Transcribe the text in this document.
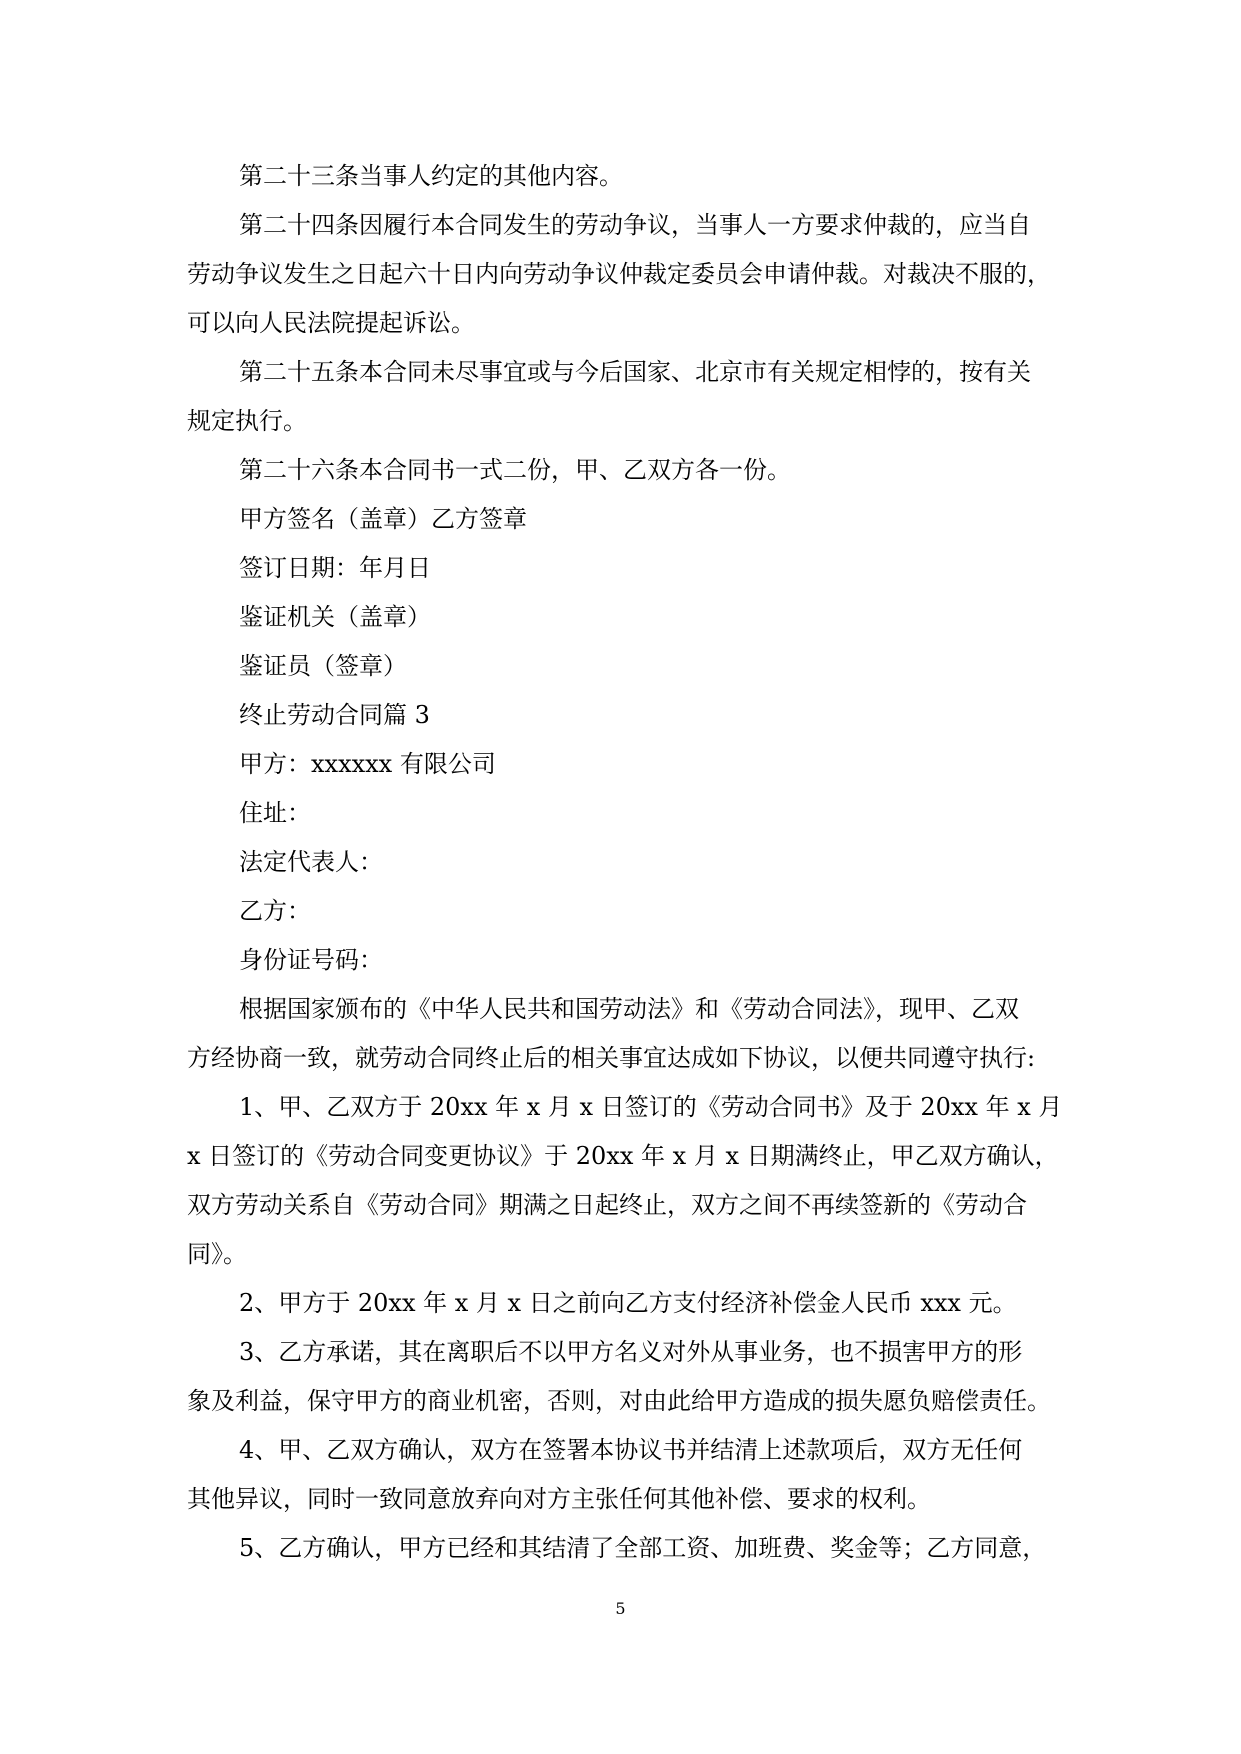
第二十三条当事人约定的其他内容。

第二十四条因履行本合同发生的劳动争议，当事人一方要求仲裁的，应当自
劳动争议发生之日起六十日内向劳动争议仲裁定委员会申请仲裁。对裁决不服的，
可以向人民法院提起诉讼。

第二十五条本合同未尽事宜或与今后国家、北京市有关规定相悖的，按有关
规定执行。

第二十六条本合同书一式二份，甲、乙双方各一份。

甲方签名（盖章）乙方签章

签订日期：年月日

鉴证机关（盖章）

鉴证员（签章）

终止劳动合同篇 3

甲方：xxxxxx 有限公司

住址：

法定代表人：

乙方：

身份证号码：

根据国家颁布的《中华人民共和国劳动法》和《劳动合同法》，现甲、乙双
方经协商一致，就劳动合同终止后的相关事宜达成如下协议，以便共同遵守执行:

1、甲、乙双方于 20xx 年 x 月 x 日签订的《劳动合同书》及于 20xx 年 x 月
x 日签订的《劳动合同变更协议》于 20xx 年 x 月 x 日期满终止，甲乙双方确认，
双方劳动关系自《劳动合同》期满之日起终止，双方之间不再续签新的《劳动合
同》。

2、甲方于 20xx 年 x 月 x 日之前向乙方支付经济补偿金人民币 xxx 元。

3、乙方承诺，其在离职后不以甲方名义对外从事业务，也不损害甲方的形
象及利益，保守甲方的商业机密，否则，对由此给甲方造成的损失愿负赔偿责任。

4、甲、乙双方确认，双方在签署本协议书并结清上述款项后，双方无任何
其他异议，同时一致同意放弃向对方主张任何其他补偿、要求的权利。

5、乙方确认，甲方已经和其结清了全部工资、加班费、奖金等；乙方同意，

5
